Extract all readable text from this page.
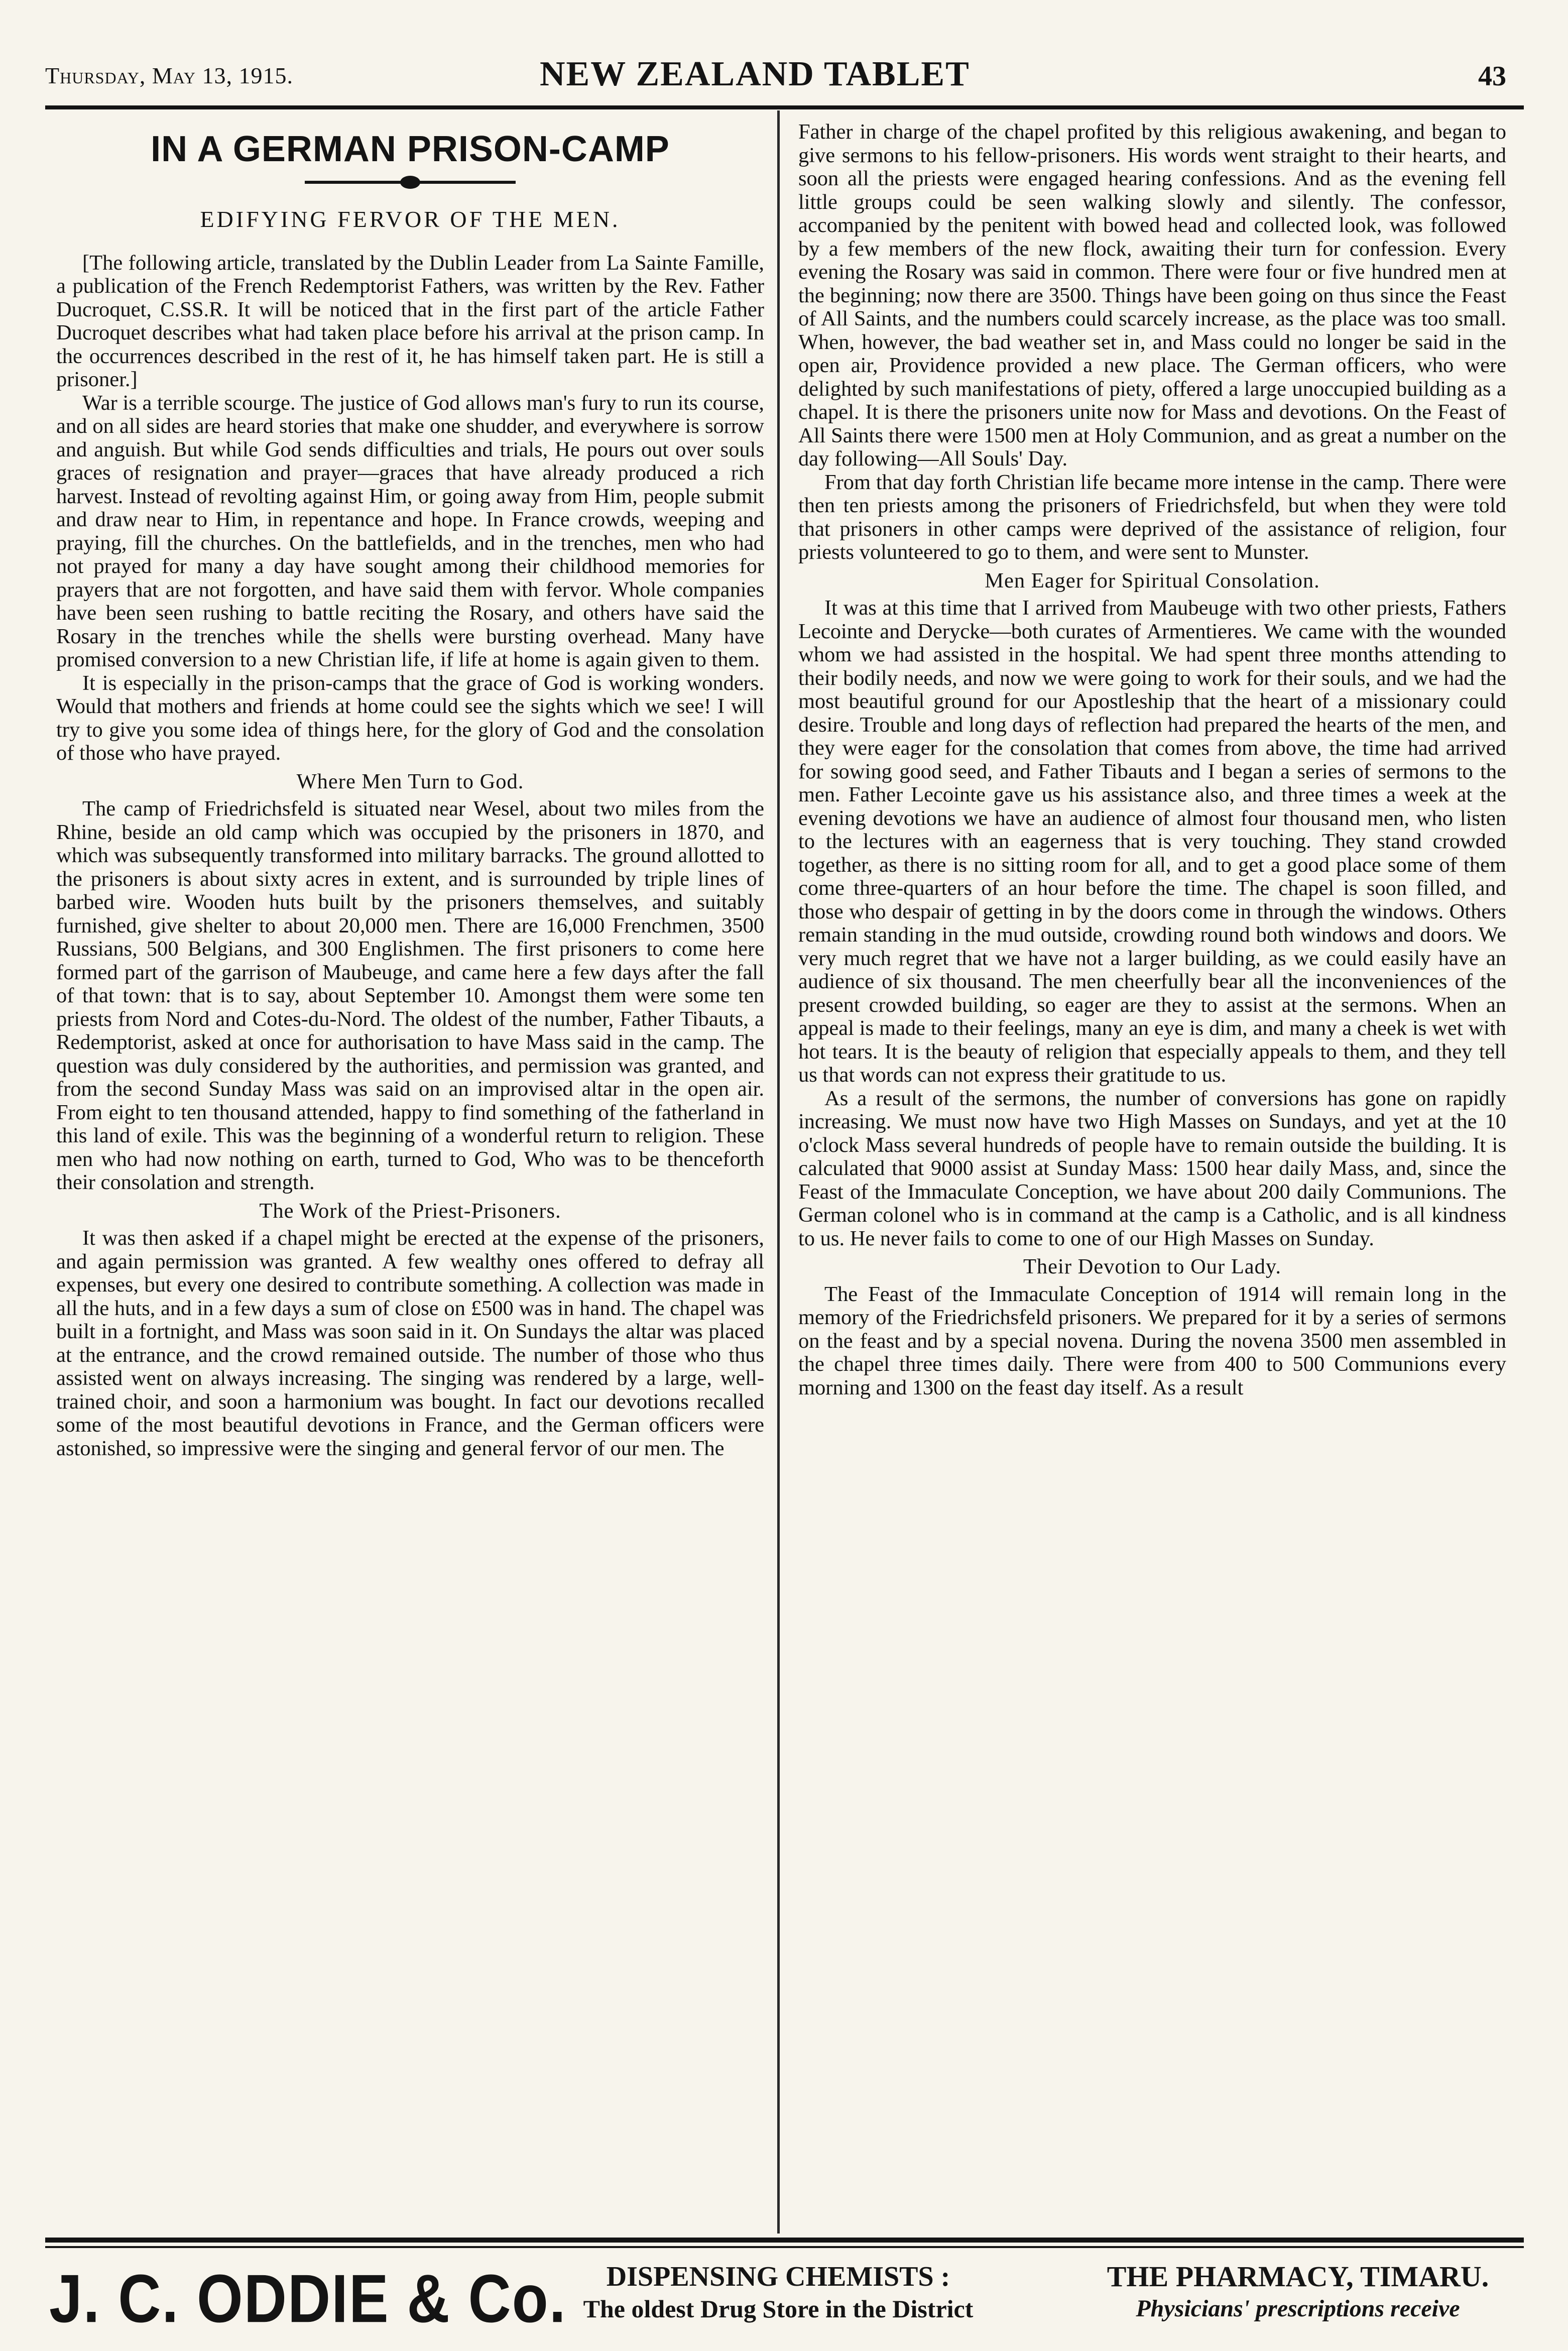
Thursday, May 13, 1915.	NEW ZEALAND TABLET	43
IN A GERMAN PRISON-CAMP
EDIFYING FERVOR OF THE MEN.

[The following article, translated by the Dublin Leader from La Sainte Famille, a publication of the French Redemptorist Fathers, was written by the Rev. Father Ducroquet, C.SS.R. It will be noticed that in the first part of the article Father Ducroquet describes what had taken place before his arrival at the prison camp. In the occurrences described in the rest of it, he has himself taken part. He is still a prisoner.]

War is a terrible scourge. The justice of God allows man's fury to run its course, and on all sides are heard stories that make one shudder, and everywhere is sorrow and anguish. But while God sends difficulties and trials, He pours out over souls graces of resignation and prayer—graces that have already produced a rich harvest. Instead of revolting against Him, or going away from Him, people submit and draw near to Him, in repentance and hope. In France crowds, weeping and praying, fill the churches. On the battlefields, and in the trenches, men who had not prayed for many a day have sought among their childhood memories for prayers that are not forgotten, and have said them with fervor. Whole companies have been seen rushing to battle reciting the Rosary, and others have said the Rosary in the trenches while the shells were bursting overhead. Many have promised conversion to a new Christian life, if life at home is again given to them.

It is especially in the prison-camps that the grace of God is working wonders. Would that mothers and friends at home could see the sights which we see! I will try to give you some idea of things here, for the glory of God and the consolation of those who have prayed.

Where Men Turn to God.

The camp of Friedrichsfeld is situated near Wesel, about two miles from the Rhine, beside an old camp which was occupied by the prisoners in 1870, and which was subsequently transformed into military barracks. The ground allotted to the prisoners is about sixty acres in extent, and is surrounded by triple lines of barbed wire. Wooden huts built by the prisoners themselves, and suitably furnished, give shelter to about 20,000 men. There are 16,000 Frenchmen, 3500 Russians, 500 Belgians, and 300 Englishmen. The first prisoners to come here formed part of the garrison of Maubeuge, and came here a few days after the fall of that town: that is to say, about September 10. Amongst them were some ten priests from Nord and Cotes-du-Nord. The oldest of the number, Father Tibauts, a Redemptorist, asked at once for authorisation to have Mass said in the camp. The question was duly considered by the authorities, and permission was granted, and from the second Sunday Mass was said on an improvised altar in the open air. From eight to ten thousand attended, happy to find something of the fatherland in this land of exile. This was the beginning of a wonderful return to religion. These men who had now nothing on earth, turned to God, Who was to be thenceforth their consolation and strength.

The Work of the Priest-Prisoners.

It was then asked if a chapel might be erected at the expense of the prisoners, and again permission was granted. A few wealthy ones offered to defray all expenses, but every one desired to contribute something. A collection was made in all the huts, and in a few days a sum of close on £500 was in hand. The chapel was built in a fortnight, and Mass was soon said in it. On Sundays the altar was placed at the entrance, and the crowd remained outside. The number of those who thus assisted went on always increasing. The singing was rendered by a large, well-trained choir, and soon a harmonium was bought. In fact our devotions recalled some of the most beautiful devotions in France, and the German officers were astonished, so impressive were the singing and general fervor of our men. The

Father in charge of the chapel profited by this religious awakening, and began to give sermons to his fellow-prisoners. His words went straight to their hearts, and soon all the priests were engaged hearing confessions. And as the evening fell little groups could be seen walking slowly and silently. The confessor, accompanied by the penitent with bowed head and collected look, was followed by a few members of the new flock, awaiting their turn for confession. Every evening the Rosary was said in common. There were four or five hundred men at the beginning; now there are 3500. Things have been going on thus since the Feast of All Saints, and the numbers could scarcely increase, as the place was too small. When, however, the bad weather set in, and Mass could no longer be said in the open air, Providence provided a new place. The German officers, who were delighted by such manifestations of piety, offered a large unoccupied building as a chapel. It is there the prisoners unite now for Mass and devotions. On the Feast of All Saints there were 1500 men at Holy Communion, and as great a number on the day following—All Souls' Day.

From that day forth Christian life became more intense in the camp. There were then ten priests among the prisoners of Friedrichsfeld, but when they were told that prisoners in other camps were deprived of the assistance of religion, four priests volunteered to go to them, and were sent to Munster.

Men Eager for Spiritual Consolation.

It was at this time that I arrived from Maubeuge with two other priests, Fathers Lecointe and Derycke—both curates of Armentieres. We came with the wounded whom we had assisted in the hospital. We had spent three months attending to their bodily needs, and now we were going to work for their souls, and we had the most beautiful ground for our Apostleship that the heart of a missionary could desire. Trouble and long days of reflection had prepared the hearts of the men, and they were eager for the consolation that comes from above, the time had arrived for sowing good seed, and Father Tibauts and I began a series of sermons to the men. Father Lecointe gave us his assistance also, and three times a week at the evening devotions we have an audience of almost four thousand men, who listen to the lectures with an eagerness that is very touching. They stand crowded together, as there is no sitting room for all, and to get a good place some of them come three-quarters of an hour before the time. The chapel is soon filled, and those who despair of getting in by the doors come in through the windows. Others remain standing in the mud outside, crowding round both windows and doors. We very much regret that we have not a larger building, as we could easily have an audience of six thousand. The men cheerfully bear all the inconveniences of the present crowded building, so eager are they to assist at the sermons. When an appeal is made to their feelings, many an eye is dim, and many a cheek is wet with hot tears. It is the beauty of religion that especially appeals to them, and they tell us that words can not express their gratitude to us.

As a result of the sermons, the number of conversions has gone on rapidly increasing. We must now have two High Masses on Sundays, and yet at the 10 o'clock Mass several hundreds of people have to remain outside the building. It is calculated that 9000 assist at Sunday Mass: 1500 hear daily Mass, and, since the Feast of the Immaculate Conception, we have about 200 daily Communions. The German colonel who is in command at the camp is a Catholic, and is all kindness to us. He never fails to come to one of our High Masses on Sunday.

Their Devotion to Our Lady.

The Feast of the Immaculate Conception of 1914 will remain long in the memory of the Friedrichsfeld prisoners. We prepared for it by a series of sermons on the feast and by a special novena. During the novena 3500 men assembled in the chapel three times daily. There were from 400 to 500 Communions every morning and 1300 on the feast day itself. As a result

J. C. ODDIE & Co.	DISPENSING CHEMISTS :
The oldest Drug Store in the District
THE PHARMACY, TIMARU.
Physicians' prescriptions receive
